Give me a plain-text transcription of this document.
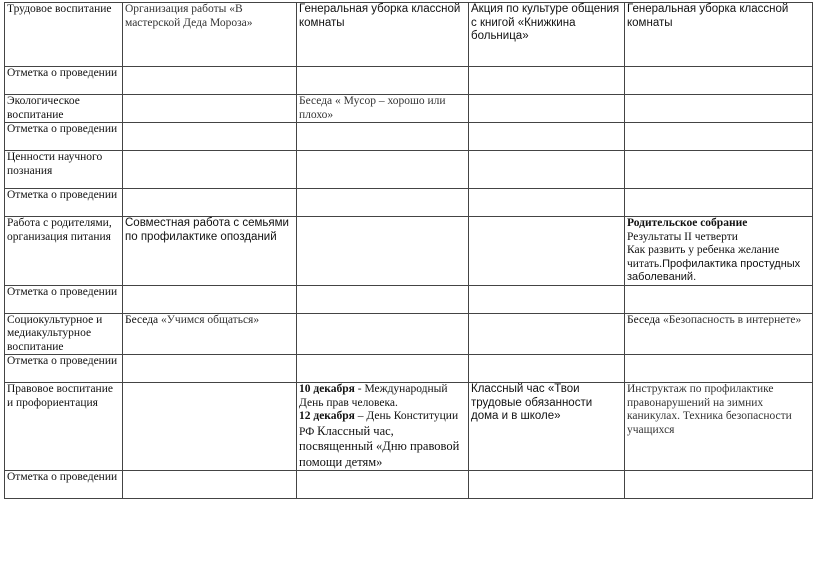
Трудовое воспитание	Организация работы «В мастерской Деда Мороза»	Генеральная уборка классной комнаты	Акция по культуре общения с книгой «Книжкина больница»	Генеральная уборка классной комнаты
Отметка о проведении				
Экологическое воспитание		Беседа « Мусор – хорошо или плохо»		
Отметка о проведении				
Ценности научного познания				
Отметка о проведении				
Работа с родителями, организация питания	Совместная работа с семьями по профилактике опозданий			Родительское собрание
Результаты II четверти
Как развить у ребенка желание читать.Профилактика простудных заболеваний.

Отметка о проведении				
Социокультурное и медиакультурное воспитание	Беседа «Учимся общаться»			Беседа «Безопасность в интернете»
Отметка о проведении				
Правовое воспитание и профориентация		10 декабря - Международный День прав человека.
12 декабря – День Конституции РФ Классный час, посвященный «Дню правовой помощи детям»	Классный час «Твои трудовые обязанности дома и в школе»	Инструктаж по профилактике правонарушений на зимних каникулах. Техника безопасности учащихся
Отметка о проведении				
